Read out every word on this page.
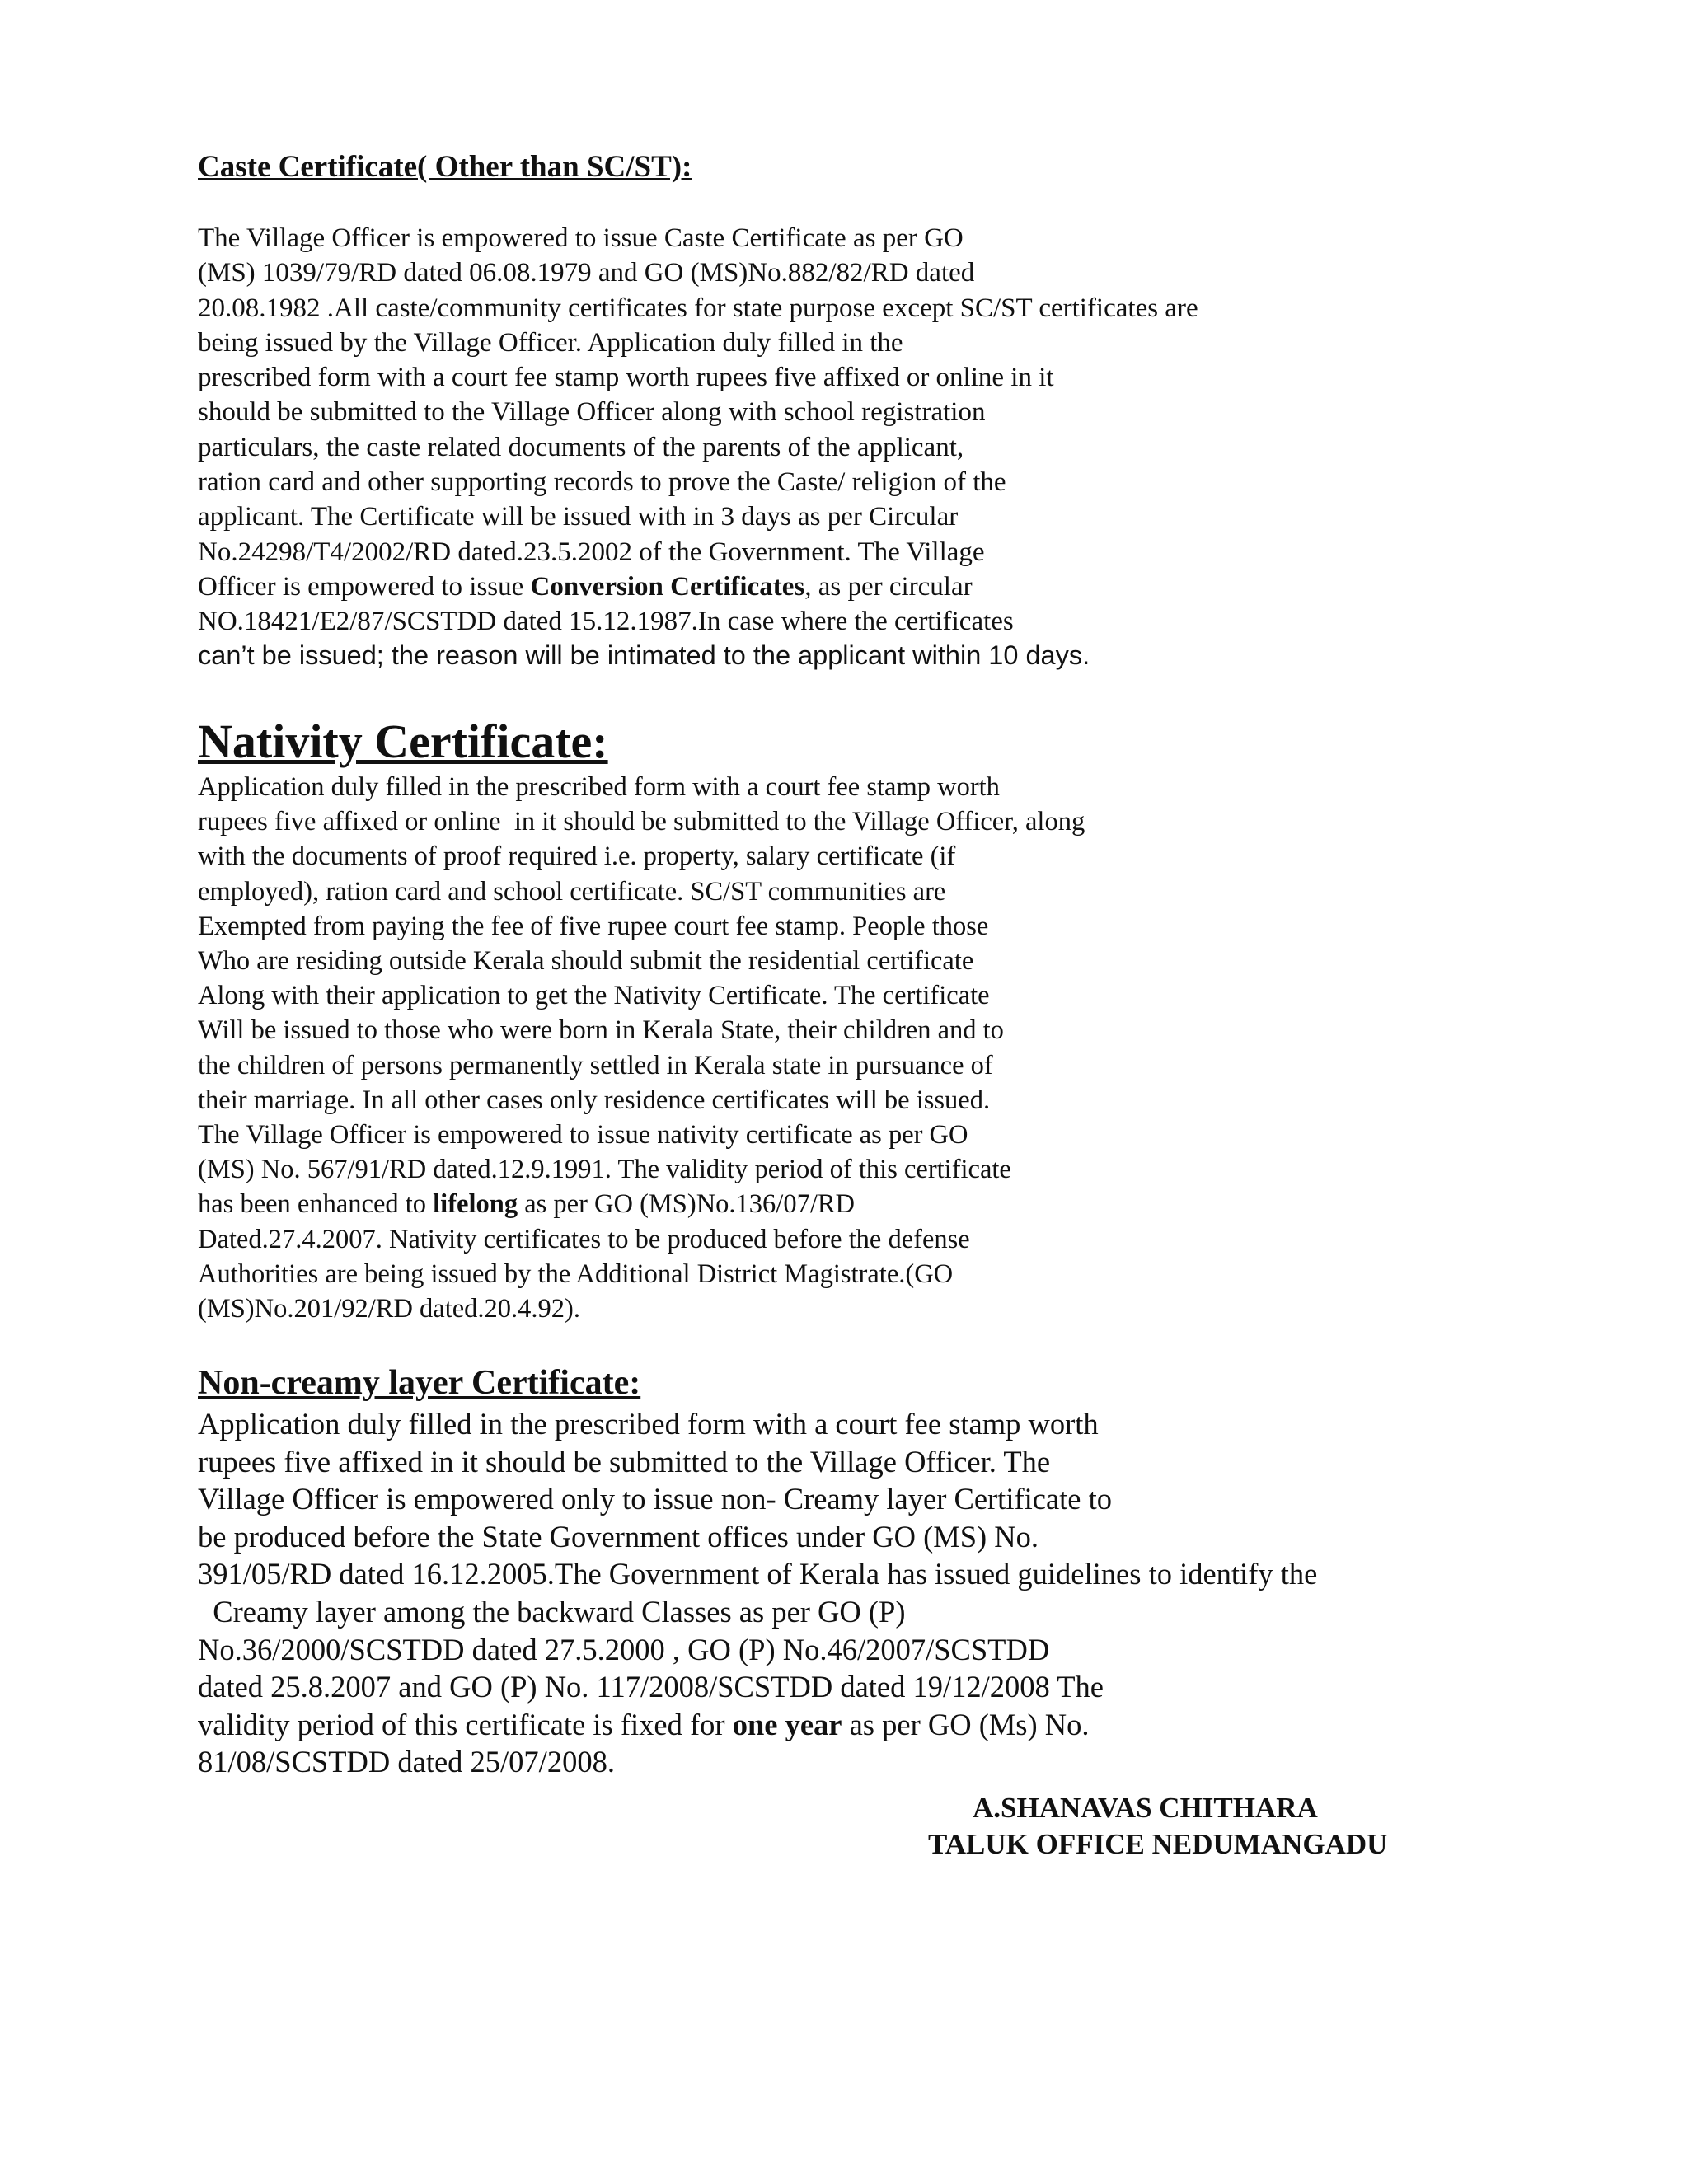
Caste Certificate( Other than SC/ST):

The Village Officer is empowered to issue Caste Certificate as per GO
(MS) 1039/79/RD dated 06.08.1979 and GO (MS)No.882/82/RD dated
20.08.1982 .All caste/community certificates for state purpose except SC/ST certificates are
being issued by the Village Officer. Application duly filled in the
prescribed form with a court fee stamp worth rupees five affixed or online in it
should be submitted to the Village Officer along with school registration
particulars, the caste related documents of the parents of the applicant,
ration card and other supporting records to prove the Caste/ religion of the
applicant. The Certificate will be issued with in 3 days as per Circular
No.24298/T4/2002/RD dated.23.5.2002 of the Government. The Village
Officer is empowered to issue Conversion Certificates, as per circular
NO.18421/E2/87/SCSTDD dated 15.12.1987.In case where the certificates

can’t be issued; the reason will be intimated to the applicant within 10 days.

Nativity Certificate:

Application duly filled in the prescribed form with a court fee stamp worth
rupees five affixed or online  in it should be submitted to the Village Officer, along
with the documents of proof required i.e. property, salary certificate (if
employed), ration card and school certificate. SC/ST communities are
Exempted from paying the fee of five rupee court fee stamp. People those
Who are residing outside Kerala should submit the residential certificate
Along with their application to get the Nativity Certificate. The certificate
Will be issued to those who were born in Kerala State, their children and to
the children of persons permanently settled in Kerala state in pursuance of
their marriage. In all other cases only residence certificates will be issued.
The Village Officer is empowered to issue nativity certificate as per GO
(MS) No. 567/91/RD dated.12.9.1991. The validity period of this certificate
has been enhanced to lifelong as per GO (MS)No.136/07/RD
Dated.27.4.2007. Nativity certificates to be produced before the defense
Authorities are being issued by the Additional District Magistrate.(GO
(MS)No.201/92/RD dated.20.4.92).

Non-creamy layer Certificate:

Application duly filled in the prescribed form with a court fee stamp worth
rupees five affixed in it should be submitted to the Village Officer. The
Village Officer is empowered only to issue non- Creamy layer Certificate to
be produced before the State Government offices under GO (MS) No.
391/05/RD dated 16.12.2005.The Government of Kerala has issued guidelines to identify the
Creamy layer among the backward Classes as per GO (P)
No.36/2000/SCSTDD dated 27.5.2000 , GO (P) No.46/2007/SCSTDD
dated 25.8.2007 and GO (P) No. 117/2008/SCSTDD dated 19/12/2008 The
validity period of this certificate is fixed for one year as per GO (Ms) No.
81/08/SCSTDD dated 25/07/2008.

A.SHANAVAS CHITHARA

TALUK OFFICE NEDUMANGADU
